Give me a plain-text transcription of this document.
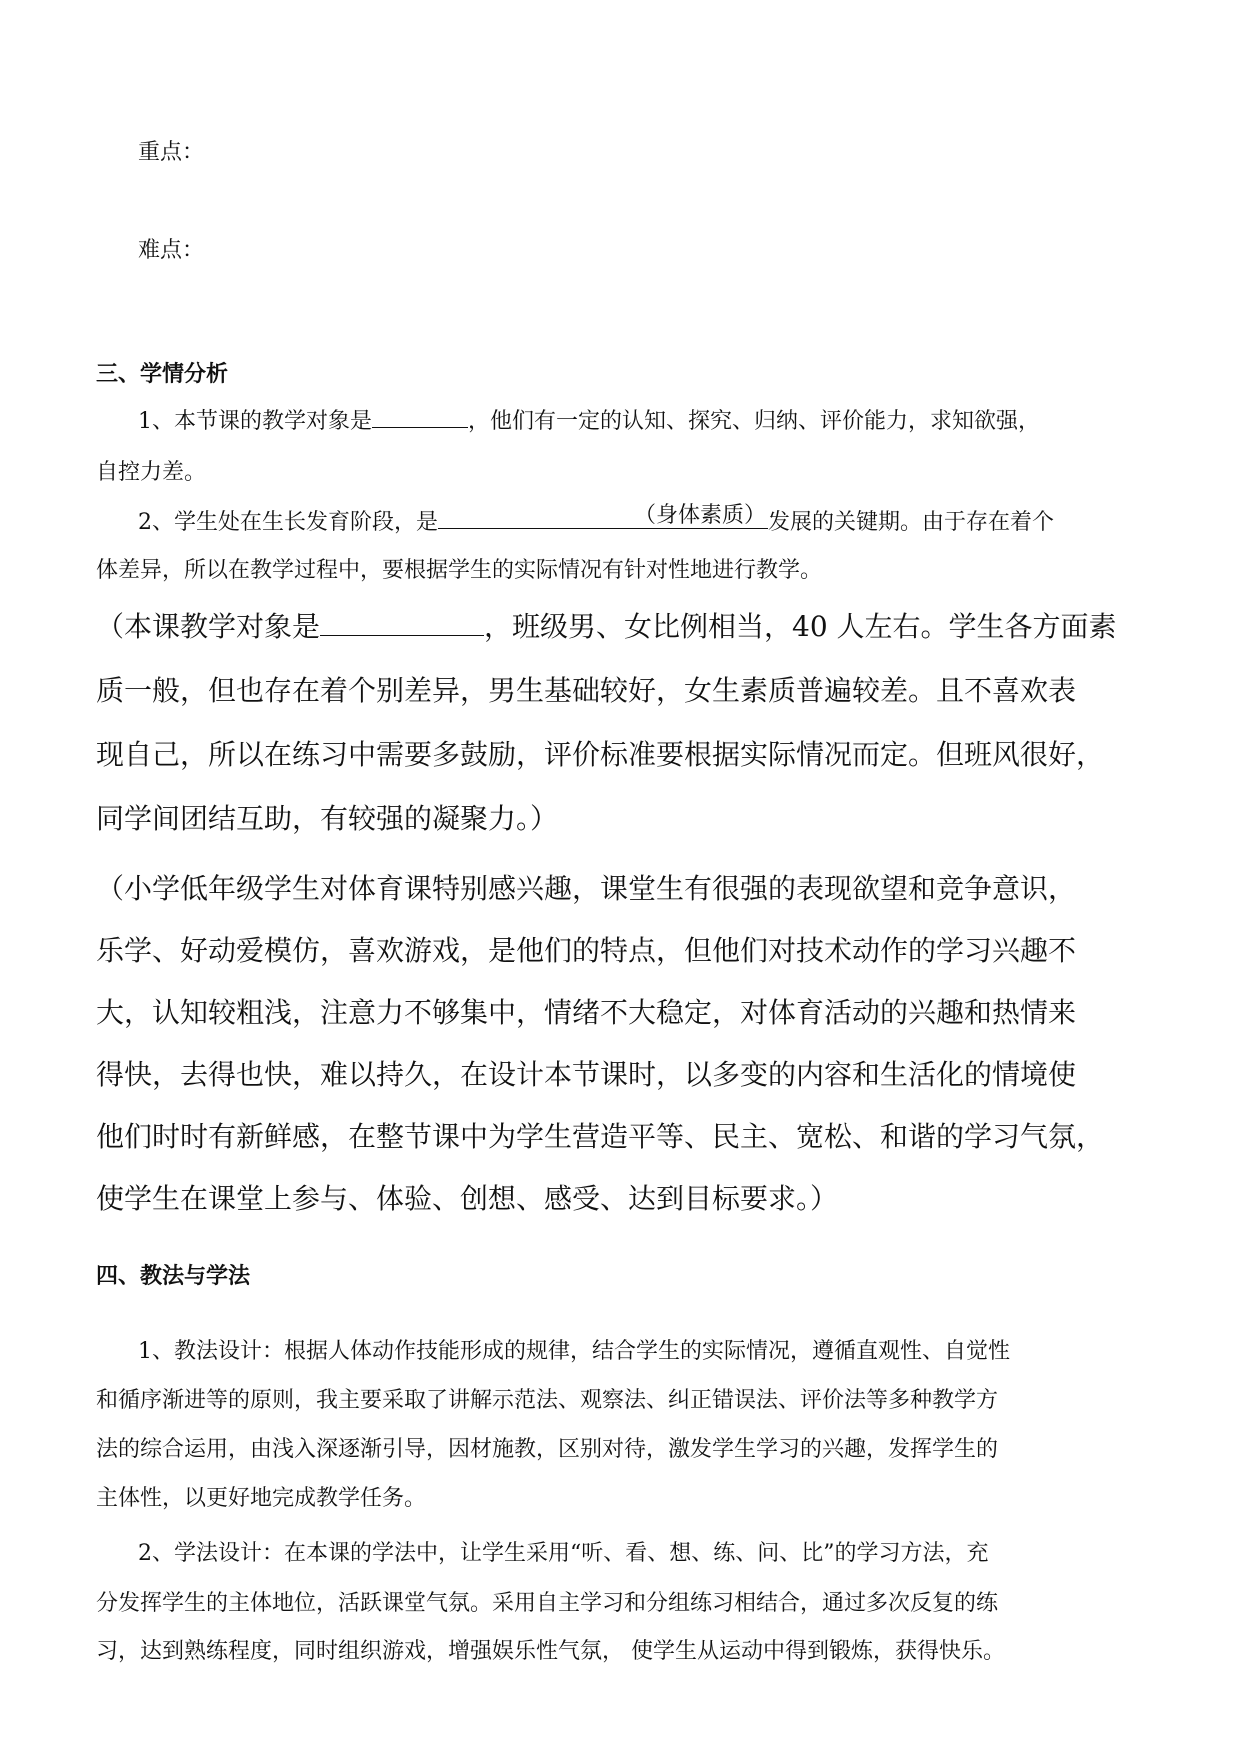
重点：
难点：
三、学情分析
1、本节课的教学对象是	，他们有一定的认知、探究、归纳、评价能力，求知欲强，
自控力差。
2、学生处在生长发育阶段，是	（身体素质） 发展的关键期。由于存在着个
体差异，所以在教学过程中，要根据学生的实际情况有针对性地进行教学。
（本课教学对象是	，班级男、女比例相当，40 人左右。学生各方面素
质一般，但也存在着个别差异，男生基础较好，女生素质普遍较差。且不喜欢表
现自己，所以在练习中需要多鼓励，评价标准要根据实际情况而定。但班风很好，
同学间团结互助，有较强的凝聚力。）
（小学低年级学生对体育课特别感兴趣，课堂生有很强的表现欲望和竞争意识，
乐学、好动爱模仿，喜欢游戏，是他们的特点，但他们对技术动作的学习兴趣不
大，认知较粗浅，注意力不够集中，情绪不大稳定，对体育活动的兴趣和热情来
得快，去得也快，难以持久，在设计本节课时，以多变的内容和生活化的情境使
他们时时有新鲜感，在整节课中为学生营造平等、民主、宽松、和谐的学习气氛，
使学生在课堂上参与、体验、创想、感受、达到目标要求。）
四、教法与学法
1、教法设计：根据人体动作技能形成的规律，结合学生的实际情况，遵循直观性、自觉性
和循序渐进等的原则，我主要采取了讲解示范法、观察法、纠正错误法、评价法等多种教学方
法的综合运用，由浅入深逐渐引导，因材施教，区别对待，激发学生学习的兴趣，发挥学生的
主体性，以更好地完成教学任务。
2、学法设计：在本课的学法中，让学生采用“听、看、想、练、问、比”的学习方法，充
分发挥学生的主体地位，活跃课堂气氛。采用自主学习和分组练习相结合，通过多次反复的练
习，达到熟练程度，同时组织游戏，增强娱乐性气氛， 使学生从运动中得到锻炼，获得快乐。
